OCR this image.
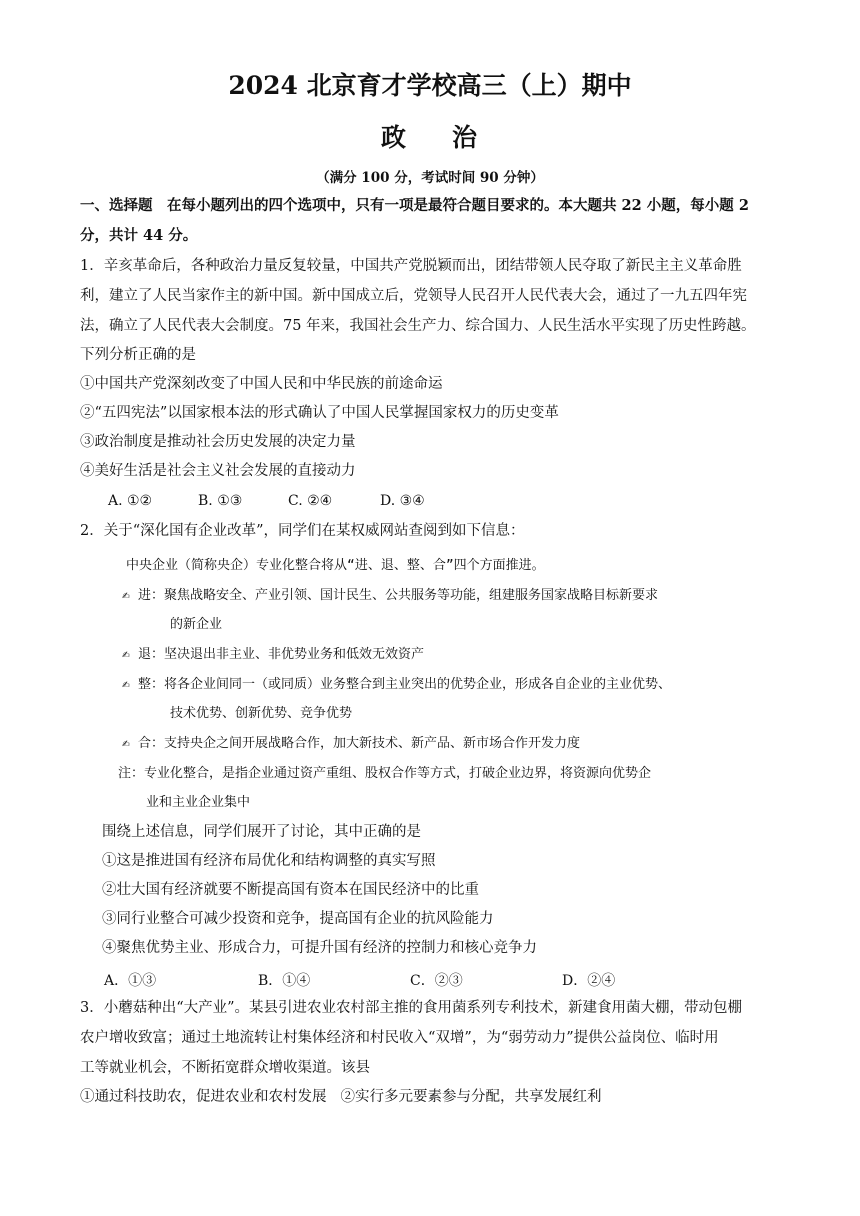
2024 北京育才学校高三（上）期中
政 治
（满分 100 分，考试时间 90 分钟）
一、选择题　在每小题列出的四个选项中，只有一项是最符合题目要求的。本大题共 22 小题，每小题 2
分，共计 44 分。
1．辛亥革命后，各种政治力量反复较量，中国共产党脱颖而出，团结带领人民夺取了新民主主义革命胜
利，建立了人民当家作主的新中国。新中国成立后，党领导人民召开人民代表大会，通过了一九五四年宪
法，确立了人民代表大会制度。75 年来，我国社会生产力、综合国力、人民生活水平实现了历史性跨越。
下列分析正确的是
①中国共产党深刻改变了中国人民和中华民族的前途命运
②“五四宪法”以国家根本法的形式确认了中国人民掌握国家权力的历史变革
③政治制度是推动社会历史发展的决定力量
④美好生活是社会主义社会发展的直接动力
A. ①②	B. ①③	C. ②④	D. ③④
2．关于“深化国有企业改革”，同学们在某权威网站查阅到如下信息：
中央企业（简称央企）专业化整合将从“进、退、整、合”四个方面推进。
✍ 进：聚焦战略安全、产业引领、国计民生、公共服务等功能，组建服务国家战略目标新要求
的新企业
✍ 退：坚决退出非主业、非优势业务和低效无效资产
✍ 整：将各企业间同一（或同质）业务整合到主业突出的优势企业，形成各自企业的主业优势、
技术优势、创新优势、竞争优势
✍ 合：支持央企之间开展战略合作，加大新技术、新产品、新市场合作开发力度
注：专业化整合，是指企业通过资产重组、股权合作等方式，打破企业边界，将资源向优势企
业和主业企业集中
围绕上述信息，同学们展开了讨论，其中正确的是
①这是推进国有经济布局优化和结构调整的真实写照
②壮大国有经济就要不断提高国有资本在国民经济中的比重
③同行业整合可减少投资和竞争，提高国有企业的抗风险能力
④聚焦优势主业、形成合力，可提升国有经济的控制力和核心竞争力
A．①③	B．①④	C．②③	D．②④
3．小蘑菇种出“大产业”。某县引进农业农村部主推的食用菌系列专利技术，新建食用菌大棚，带动包棚
农户增收致富；通过土地流转让村集体经济和村民收入“双增”，为“弱劳动力”提供公益岗位、临时用
工等就业机会，不断拓宽群众增收渠道。该县
①通过科技助农，促进农业和农村发展 ②实行多元要素参与分配，共享发展红利
